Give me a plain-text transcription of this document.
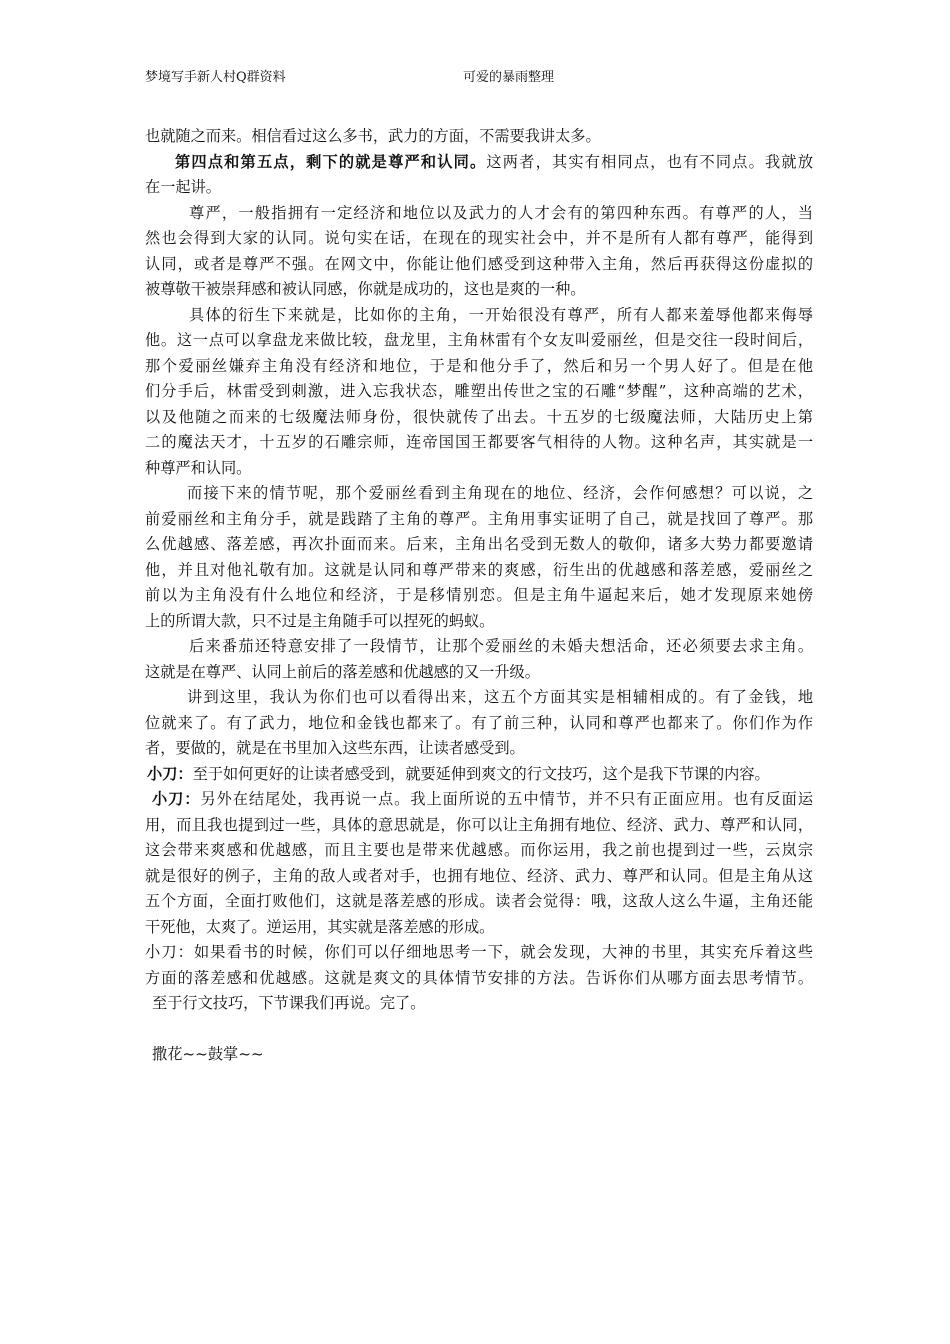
梦境写手新人村Q群资料	可爱的暴雨整理
也就随之而来。相信看过这么多书，武力的方面，不需要我讲太多。
第四点和第五点，剩下的就是尊严和认同。这两者，其实有相同点，也有不同点。我就放
在一起讲。
尊严，一般指拥有一定经济和地位以及武力的人才会有的第四种东西。有尊严的人，当
然也会得到大家的认同。说句实在话，在现在的现实社会中，并不是所有人都有尊严，能得到
认同，或者是尊严不强。在网文中，你能让他们感受到这种带入主角，然后再获得这份虚拟的
被尊敬干被崇拜感和被认同感，你就是成功的，这也是爽的一种。
具体的衍生下来就是，比如你的主角，一开始很没有尊严，所有人都来羞辱他都来侮辱
他。这一点可以拿盘龙来做比较，盘龙里，主角林雷有个女友叫爱丽丝，但是交往一段时间后，
那个爱丽丝嫌弃主角没有经济和地位，于是和他分手了，然后和另一个男人好了。但是在他
们分手后，林雷受到刺激，进入忘我状态，雕塑出传世之宝的石雕“梦醒”，这种高端的艺术，
以及他随之而来的七级魔法师身份，很快就传了出去。十五岁的七级魔法师，大陆历史上第
二的魔法天才，十五岁的石雕宗师，连帝国国王都要客气相待的人物。这种名声，其实就是一
种尊严和认同。
而接下来的情节呢，那个爱丽丝看到主角现在的地位、经济，会作何感想？可以说，之
前爱丽丝和主角分手，就是践踏了主角的尊严。主角用事实证明了自己，就是找回了尊严。那
么优越感、落差感，再次扑面而来。后来，主角出名受到无数人的敬仰，诸多大势力都要邀请
他，并且对他礼敬有加。这就是认同和尊严带来的爽感，衍生出的优越感和落差感，爱丽丝之
前以为主角没有什么地位和经济，于是移情别恋。但是主角牛逼起来后，她才发现原来她傍
上的所谓大款，只不过是主角随手可以捏死的蚂蚁。
后来番茄还特意安排了一段情节，让那个爱丽丝的未婚夫想活命，还必须要去求主角。
这就是在尊严、认同上前后的落差感和优越感的又一升级。
讲到这里，我认为你们也可以看得出来，这五个方面其实是相辅相成的。有了金钱，地
位就来了。有了武力，地位和金钱也都来了。有了前三种，认同和尊严也都来了。你们作为作
者，要做的，就是在书里加入这些东西，让读者感受到。
小刀：至于如何更好的让读者感受到，就要延伸到爽文的行文技巧，这个是我下节课的内容。
小刀：另外在结尾处，我再说一点。我上面所说的五中情节，并不只有正面应用。也有反面运
用，而且我也提到过一些，具体的意思就是，你可以让主角拥有地位、经济、武力、尊严和认同，
这会带来爽感和优越感，而且主要也是带来优越感。而你运用，我之前也提到过一些，云岚宗
就是很好的例子，主角的敌人或者对手，也拥有地位、经济、武力、尊严和认同。但是主角从这
五个方面，全面打败他们，这就是落差感的形成。读者会觉得：哦，这敌人这么牛逼，主角还能
干死他，太爽了。逆运用，其实就是落差感的形成。
小刀：如果看书的时候，你们可以仔细地思考一下，就会发现，大神的书里，其实充斥着这些
方面的落差感和优越感。这就是爽文的具体情节安排的方法。告诉你们从哪方面去思考情节。
至于行文技巧，下节课我们再说。完了。
撒花~~鼓掌~~
